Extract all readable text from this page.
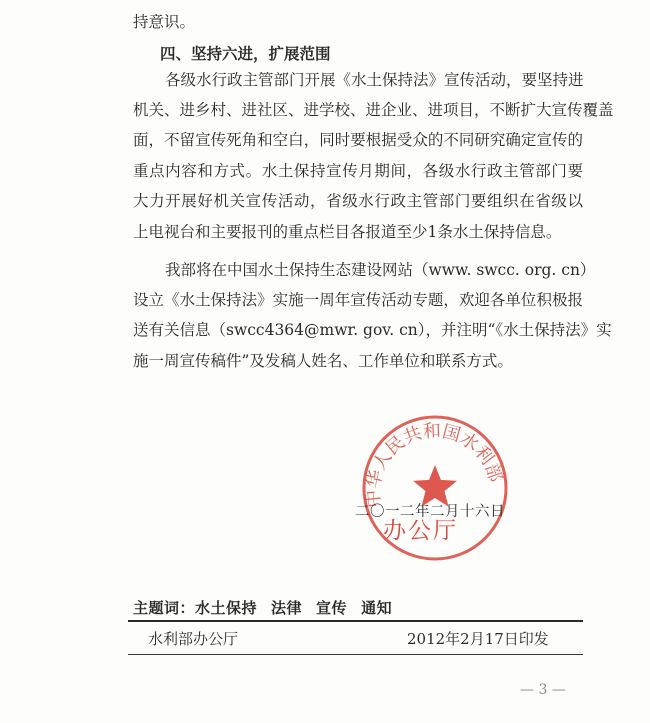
持意识。
四、坚持六进，扩展范围
各级水行政主管部门开展《水土保持法》宣传活动，要坚持进
机关、进乡村、进社区、进学校、进企业、进项目，不断扩大宣传覆盖
面，不留宣传死角和空白，同时要根据受众的不同研究确定宣传的
重点内容和方式。水土保持宣传月期间，各级水行政主管部门要
大力开展好机关宣传活动，省级水行政主管部门要组织在省级以
上电视台和主要报刊的重点栏目各报道至少1条水土保持信息。
我部将在中国水土保持生态建设网站（www. swcc. org. cn）
设立《水土保持法》实施一周年宣传活动专题，欢迎各单位积极报
送有关信息（swcc4364@mwr. gov. cn），并注明“《水土保持法》实
施一周宣传稿件”及发稿人姓名、工作单位和联系方式。
中华人民共和国水利部
二〇一二年二月十六日
办公厅
主题词：水土保持 法律 宣传 通知
水利部办公厅	2012年2月17日印发
— 3 —
